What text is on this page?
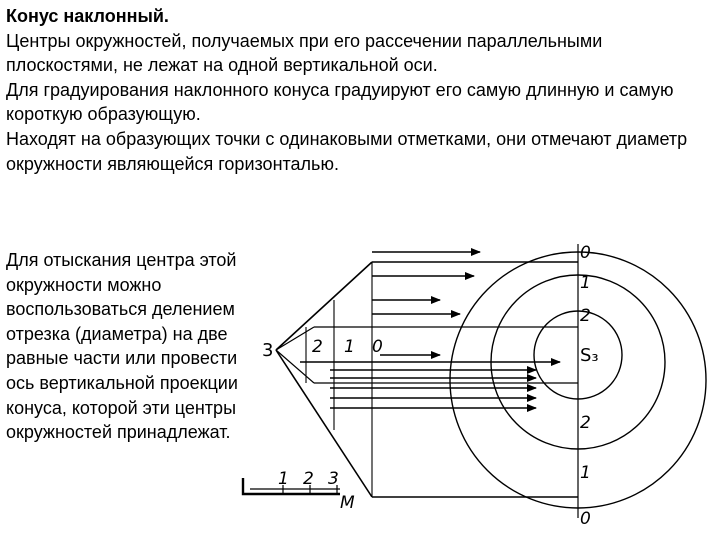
Конус наклонный.

Центры окружностей, получаемых при его рассечении параллельными плоскостями, не лежат на одной вертикальной оси.

Для градуирования наклонного конуса градуируют его самую длинную и самую короткую образующую.

Находят на образующих точки с одинаковыми отметками, они отмечают диаметр окружности являющейся горизонталью.

Для отыскания центра этой окружности можно воспользоваться делением отрезка (диаметра) на две равные части или провести ось вертикальной проекции конуса, которой эти центры окружностей принадлежат.

3 2 1 0
0
1
2
S₃
2
1
0
1 2 3
М
